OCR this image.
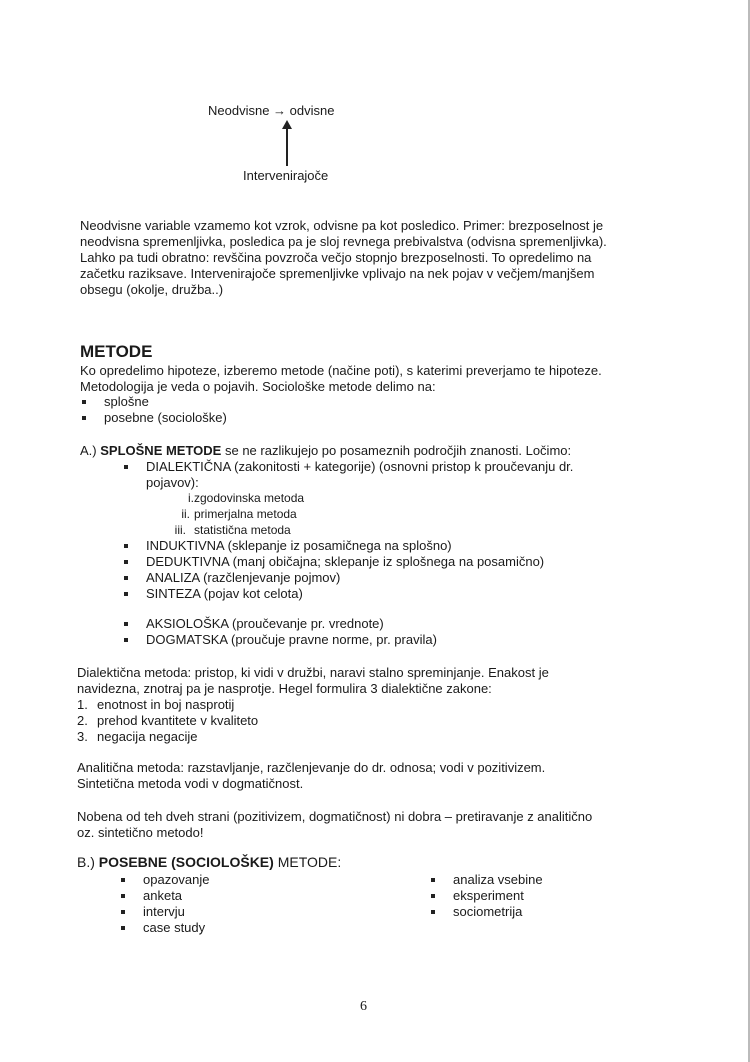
Neodvisne → odvisne
Intervenirajoče
Neodvisne variable vzamemo kot vzrok, odvisne pa kot posledico. Primer: brezposelnost je
neodvisna spremenljivka, posledica pa je sloj revnega prebivalstva (odvisna spremenljivka).
Lahko pa tudi obratno: revščina povzroča večjo stopnjo brezposelnosti. To opredelimo na
začetku raziksave. Intervenirajoče spremenljivke vplivajo na nek pojav v večjem/manjšem
obsegu (okolje, družba..)
METODE
Ko opredelimo hipoteze, izberemo metode (načine poti), s katerimi preverjamo te hipoteze.
Metodologija je veda o pojavih. Sociološke metode delimo na:
splošne
posebne (sociološke)
A.) SPLOŠNE METODE se ne razlikujejo po posameznih področjih znanosti. Ločimo:
DIALEKTIČNA (zakonitosti + kategorije) (osnovni pristop k proučevanju dr.
pojavov):
i. zgodovinska metoda
ii. primerjalna metoda
iii. statistična metoda
INDUKTIVNA (sklepanje iz posamičnega na splošno)
DEDUKTIVNA (manj običajna; sklepanje iz splošnega na posamično)
ANALIZA (razčlenjevanje pojmov)
SINTEZA (pojav kot celota)
AKSIOLOŠKA (proučevanje pr. vrednote)
DOGMATSKA (proučuje pravne norme, pr. pravila)
Dialektična metoda: pristop, ki vidi v družbi, naravi stalno spreminjanje. Enakost je
navidezna, znotraj pa je nasprotje. Hegel formulira 3 dialektične zakone:
1. enotnost in boj nasprotij
2. prehod kvantitete v kvaliteto
3. negacija negacije
Analitična metoda: razstavljanje, razčlenjevanje do dr. odnosa; vodi v pozitivizem.
Sintetična metoda vodi v dogmatičnost.
Nobena od teh dveh strani (pozitivizem, dogmatičnost) ni dobra – pretiravanje z analitično
oz. sintetično metodo!
B.) POSEBNE (SOCIOLOŠKE) METODE:
opazovanje
anketa
intervju
case study
analiza vsebine
eksperiment
sociometrija
6
